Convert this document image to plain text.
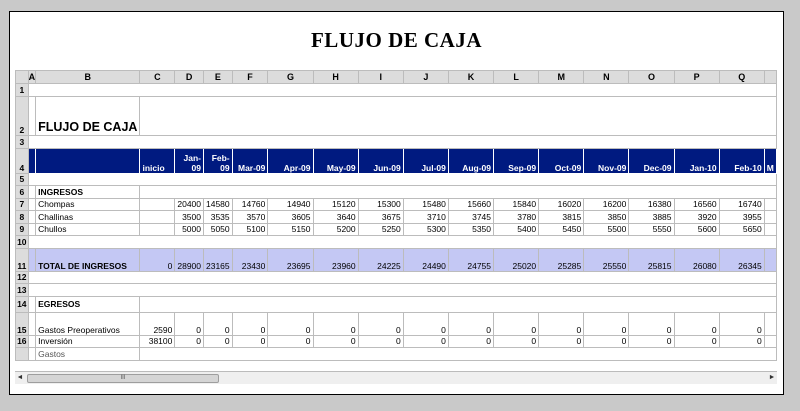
FLUJO DE CAJA
	A	B	C	D	E	F	G	H	I	J	K	L	M	N	O	P	Q	
1																		
2		FLUJO DE CAJA																
3																		
4			inicio	Jan-09	Feb-09	Mar-09	Apr-09	May-09	Jun-09	Jul-09	Aug-09	Sep-09	Oct-09	Nov-09	Dec-09	Jan-10	Feb-10	M
5																		
6		INGRESOS																
7		Chompas		20400	14580	14760	14940	15120	15300	15480	15660	15840	16020	16200	16380	16560	16740	
8		Challinas		3500	3535	3570	3605	3640	3675	3710	3745	3780	3815	3850	3885	3920	3955	
9		Chullos		5000	5050	5100	5150	5200	5250	5300	5350	5400	5450	5500	5550	5600	5650	
10																		
11		TOTAL DE INGRESOS	0	28900	23165	23430	23695	23960	24225	24490	24755	25020	25285	25550	25815	26080	26345	
12																		
13																		
14		EGRESOS																
15		Gastos Preoperativos	2590	0	0	0	0	0	0	0	0	0	0	0	0	0	0	
16		Inversión	38100	0	0	0	0	0	0	0	0	0	0	0	0	0	0	
		Gastos																
◄	III	►
